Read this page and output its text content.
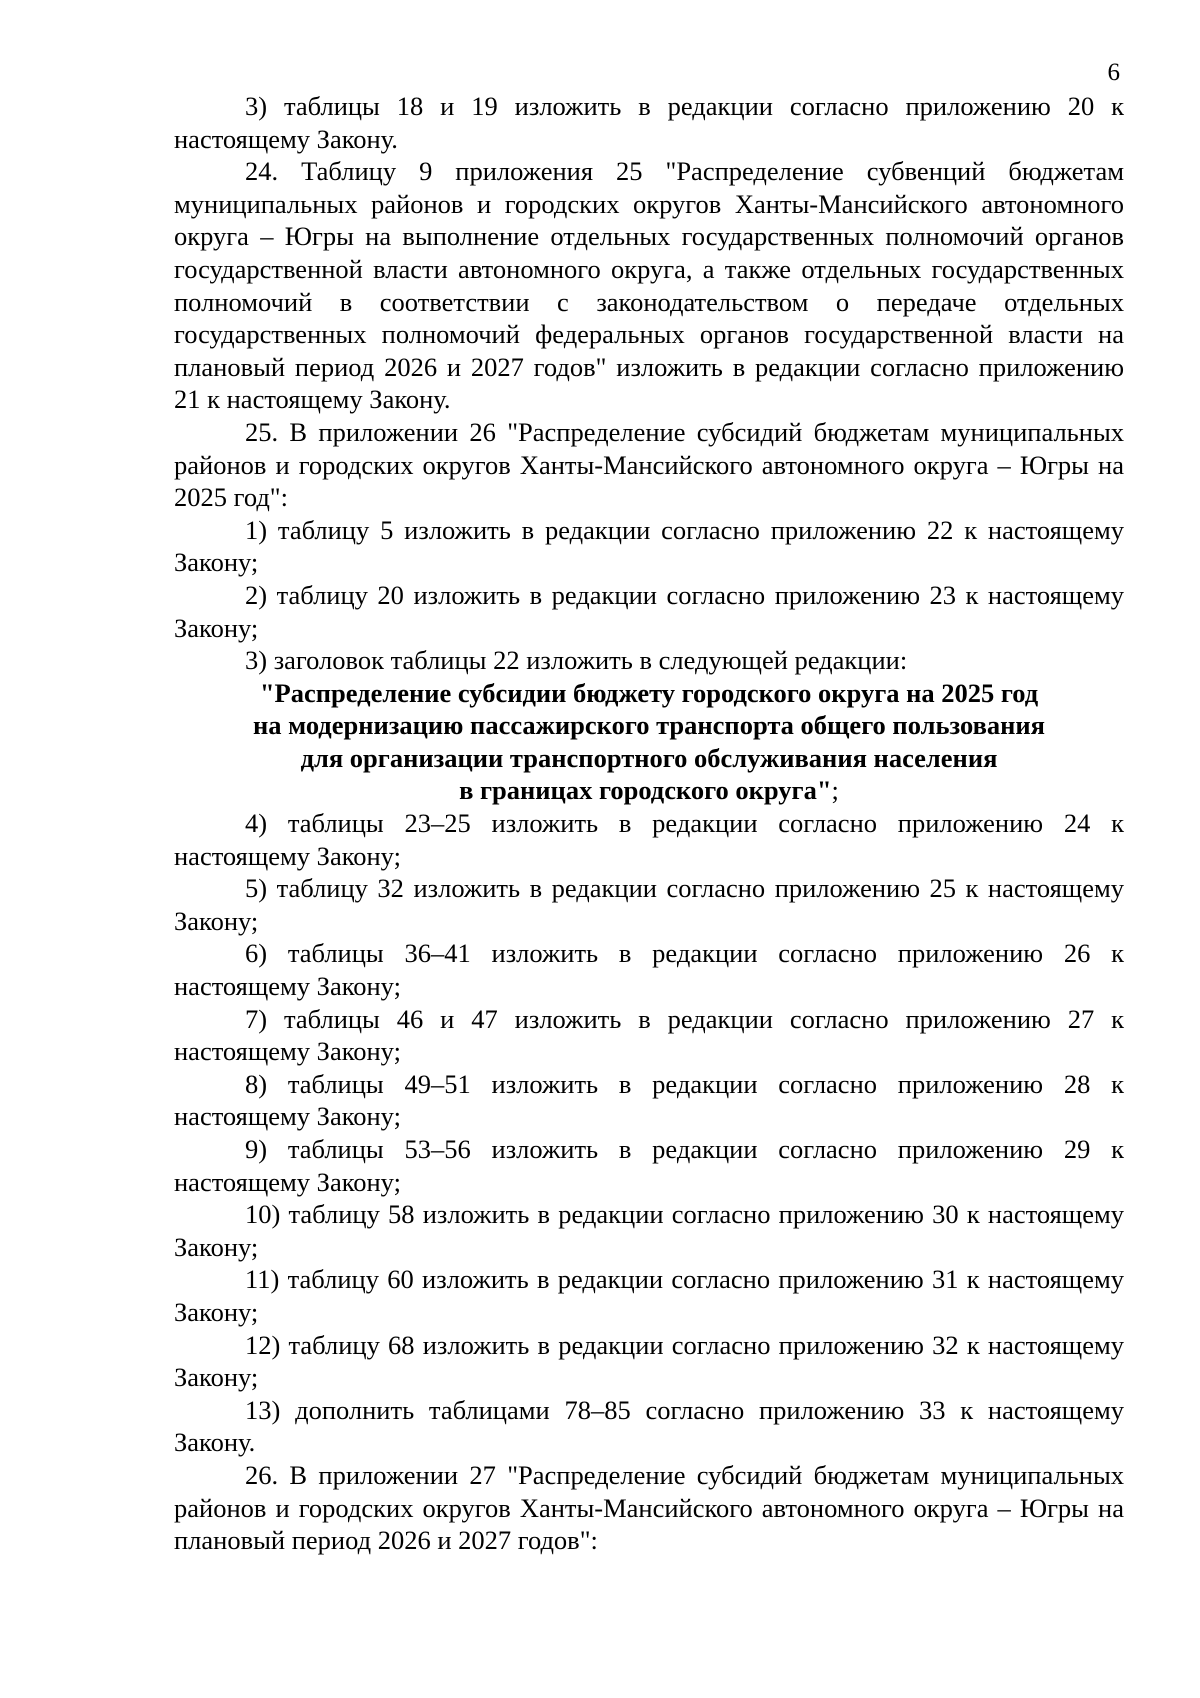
6

3) таблицы 18 и 19 изложить в редакции согласно приложению 20 к настоящему Закону.

24. Таблицу 9 приложения 25 "Распределение субвенций бюджетам муниципальных районов и городских округов Ханты-Мансийского автономного округа – Югры на выполнение отдельных государственных полномочий органов государственной власти автономного округа, а также отдельных государственных полномочий в соответствии с законодательством о передаче отдельных государственных полномочий федеральных органов государственной власти на плановый период 2026 и 2027 годов" изложить в редакции согласно приложению 21 к настоящему Закону.

25. В приложении 26 "Распределение субсидий бюджетам муниципальных районов и городских округов Ханты-Мансийского автономного округа – Югры на 2025 год":

1) таблицу 5 изложить в редакции согласно приложению 22 к настоящему Закону;

2) таблицу 20 изложить в редакции согласно приложению 23 к настоящему Закону;

3) заголовок таблицы 22 изложить в следующей редакции:

"Распределение субсидии бюджету городского округа на 2025 год
на модернизацию пассажирского транспорта общего пользования
для организации транспортного обслуживания населения
в границах городского округа";

4) таблицы 23–25 изложить в редакции согласно приложению 24 к настоящему Закону;

5) таблицу 32 изложить в редакции согласно приложению 25 к настоящему Закону;

6) таблицы 36–41 изложить в редакции согласно приложению 26 к настоящему Закону;

7) таблицы 46 и 47 изложить в редакции согласно приложению 27 к настоящему Закону;

8) таблицы 49–51 изложить в редакции согласно приложению 28 к настоящему Закону;

9) таблицы 53–56 изложить в редакции согласно приложению 29 к настоящему Закону;

10) таблицу 58 изложить в редакции согласно приложению 30 к настоящему Закону;

11) таблицу 60 изложить в редакции согласно приложению 31 к настоящему Закону;

12) таблицу 68 изложить в редакции согласно приложению 32 к настоящему Закону;

13) дополнить таблицами 78–85 согласно приложению 33 к настоящему Закону.

26. В приложении 27 "Распределение субсидий бюджетам муниципальных районов и городских округов Ханты-Мансийского автономного округа – Югры на плановый период 2026 и 2027 годов":
